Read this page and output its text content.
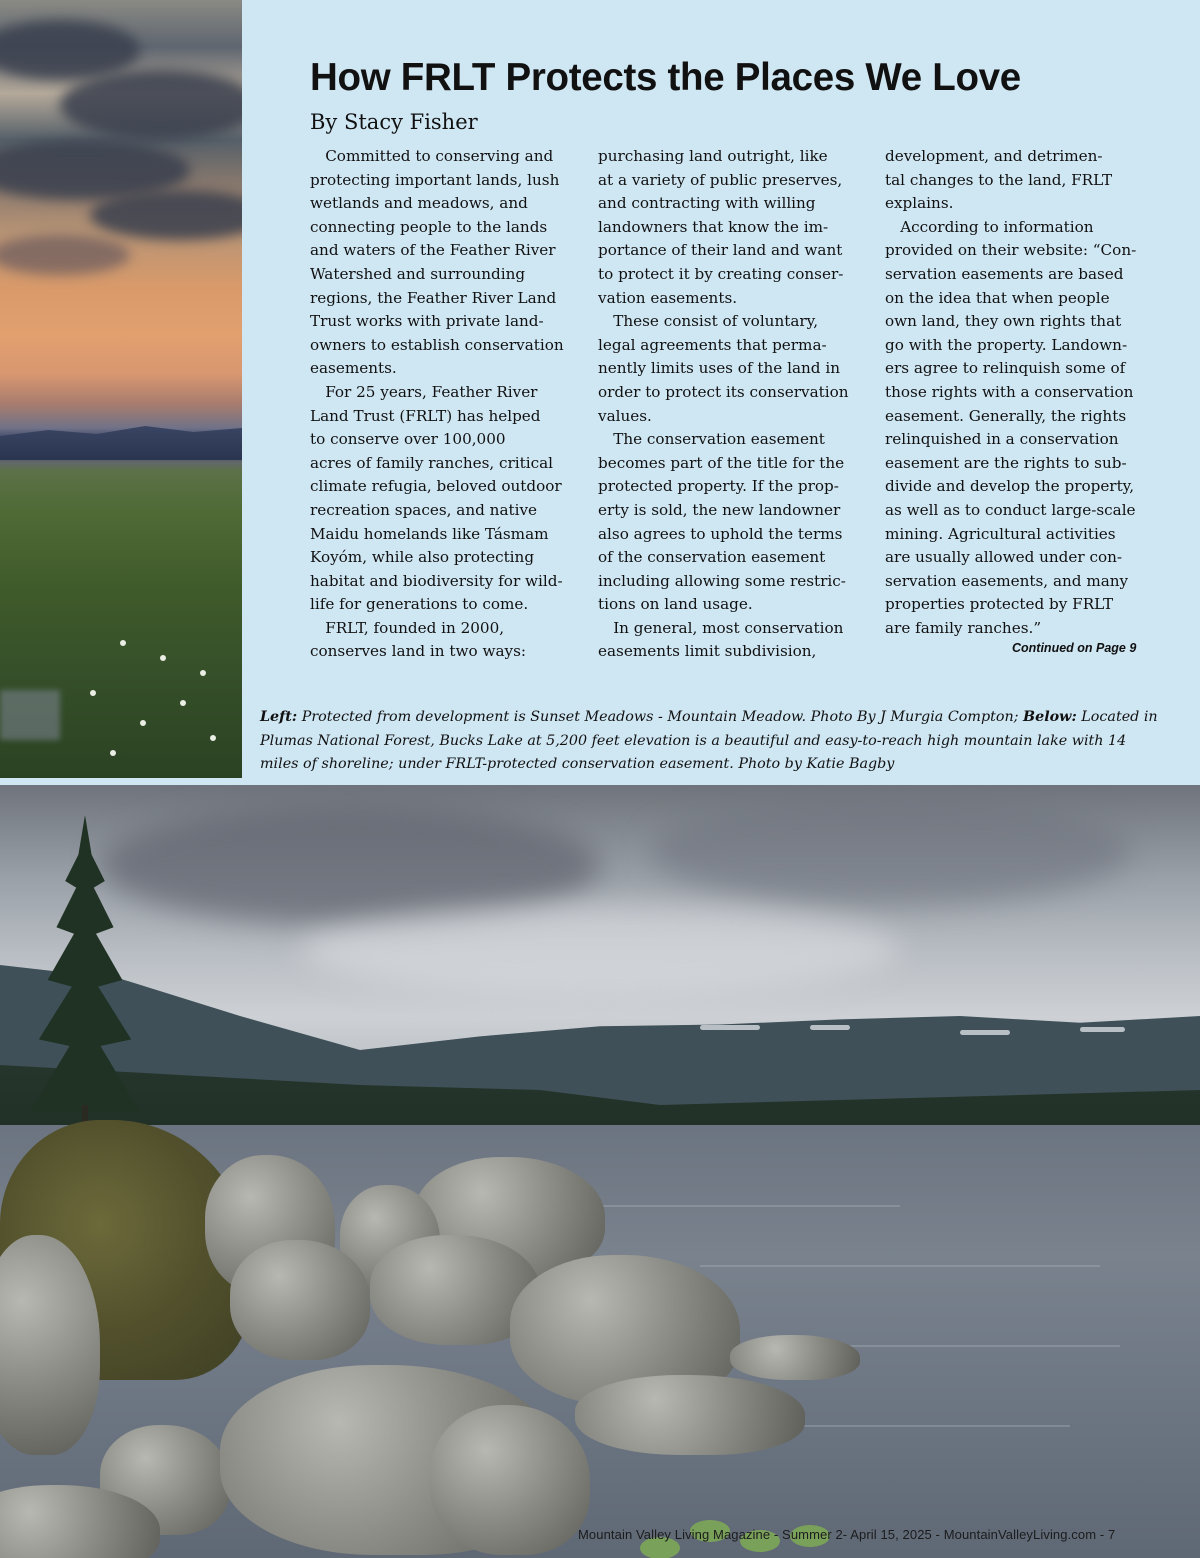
How FRLT Protects the Places We Love

By Stacy Fisher

 Committed to conserving and
protecting important lands, lush
wetlands and meadows, and
connecting people to the lands
and waters of the Feather River
Watershed and surrounding
regions, the Feather River Land
Trust works with private land-
owners to establish conservation
easements.
 For 25 years, Feather River
Land Trust (FRLT) has helped
to conserve over 100,000
acres of family ranches, critical
climate refugia, beloved outdoor
recreation spaces, and native
Maidu homelands like Tásmam
Koyóm, while also protecting
habitat and biodiversity for wild-
life for generations to come.
 FRLT, founded in 2000,
conserves land in two ways:
purchasing land outright, like
at a variety of public preserves,
and contracting with willing
landowners that know the im-
portance of their land and want
to protect it by creating conser-
vation easements.
 These consist of voluntary,
legal agreements that perma-
nently limits uses of the land in
order to protect its conservation
values.
 The conservation easement
becomes part of the title for the
protected property. If the prop-
erty is sold, the new landowner
also agrees to uphold the terms
of the conservation easement
including allowing some restric-
tions on land usage.
 In general, most conservation
easements limit subdivision,
development, and detrimen-
tal changes to the land, FRLT
explains.
 According to information
provided on their website: “Con-
servation easements are based
on the idea that when people
own land, they own rights that
go with the property. Landown-
ers agree to relinquish some of
those rights with a conservation
easement. Generally, the rights
relinquished in a conservation
easement are the rights to sub-
divide and develop the property,
as well as to conduct large-scale
mining. Agricultural activities
are usually allowed under con-
servation easements, and many
properties protected by FRLT
are family ranches.”
Continued on Page 9
Left: Protected from development is Sunset Meadows - Mountain Meadow. Photo By J Murgia Compton; Below: Located in Plumas National Forest, Bucks Lake at 5,200 feet elevation is a beautiful and easy-to-reach high mountain lake with 14 miles of shoreline; under FRLT-protected conservation easement. Photo by Katie Bagby
Mountain Valley Living Magazine - Summer 2- April 15, 2025 - MountainValleyLiving.com - 7
